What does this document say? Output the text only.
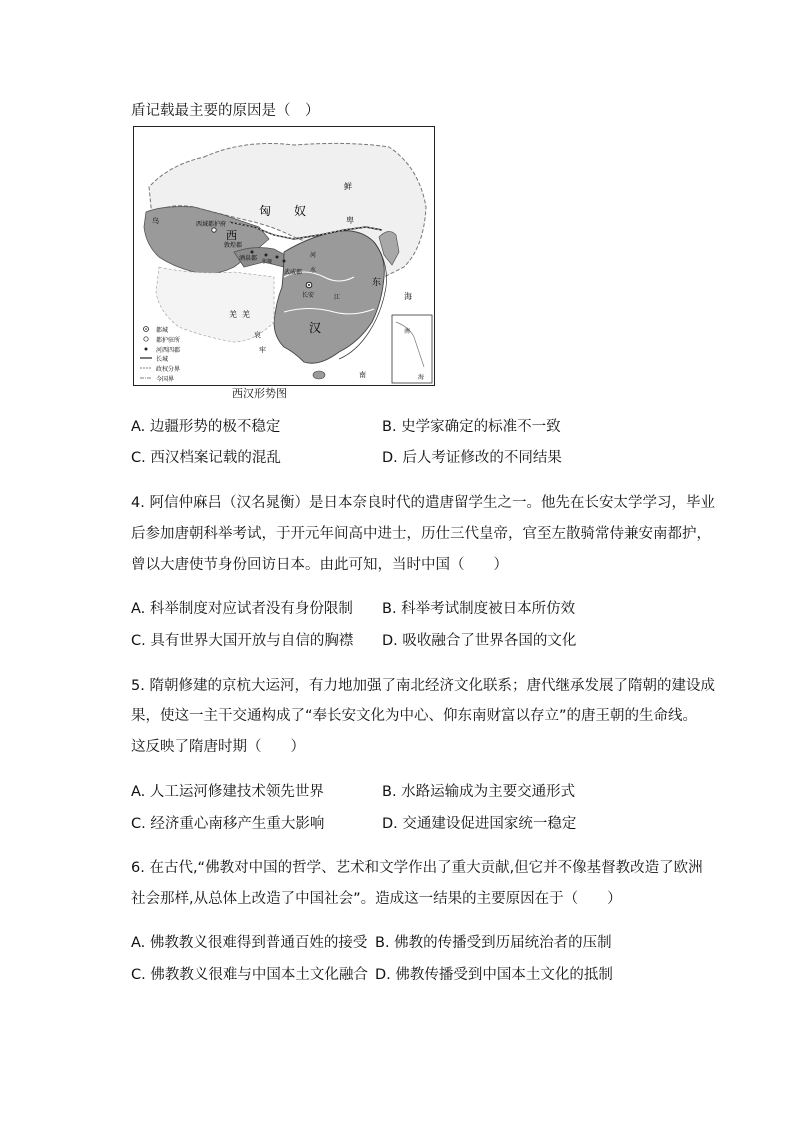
盾记载最主要的原因是（　）
匈 奴
西
汉
鲜
卑
乌	西域都护府
敦煌郡
酒泉郡 张掖
武威郡
河
水
长安	江
东
海
南
羌 羌
哀
牢
南
海
都城
都护驻所
河西四郡
长城
政权分界
今国界
西汉形势图
A. 边疆形势的极不稳定	B. 史学家确定的标准不一致
C. 西汉档案记载的混乱	D. 后人考证修改的不同结果
4. 阿信仲麻吕（汉名晁衡）是日本奈良时代的遣唐留学生之一。他先在长安太学学习，毕业
后参加唐朝科举考试，于开元年间高中进士，历仕三代皇帝，官至左散骑常侍兼安南都护，
曾以大唐使节身份回访日本。由此可知，当时中国（　　）
A. 科举制度对应试者没有身份限制 B. 科举考试制度被日本所仿效
C. 具有世界大国开放与自信的胸襟 D. 吸收融合了世界各国的文化
5. 隋朝修建的京杭大运河，有力地加强了南北经济文化联系；唐代继承发展了隋朝的建设成
果，使这一主干交通构成了“奉长安文化为中心、仰东南财富以存立”的唐王朝的生命线。
这反映了隋唐时期（　　）
A. 人工运河修建技术领先世界	B. 水路运输成为主要交通形式
C. 经济重心南移产生重大影响	D. 交通建设促进国家统一稳定
6. 在古代,“佛教对中国的哲学、艺术和文学作出了重大贡献,但它并不像基督教改造了欧洲
社会那样,从总体上改造了中国社会”。造成这一结果的主要原因在于（　　）
A. 佛教教义很难得到普通百姓的接受 B. 佛教的传播受到历届统治者的压制
C. 佛教教义很难与中国本土文化融合 D. 佛教传播受到中国本土文化的抵制
